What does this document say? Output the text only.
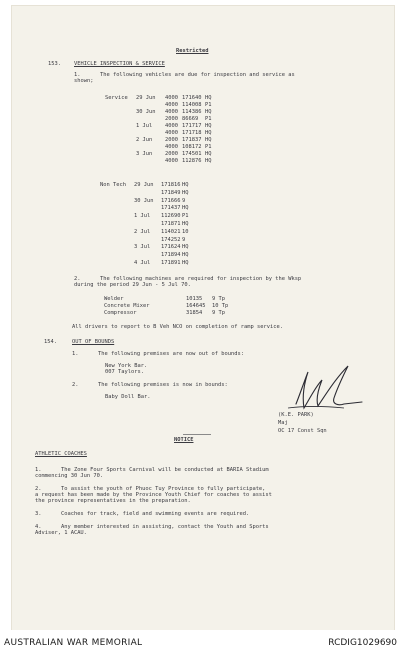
Restricted
153. VEHICLE INSPECTION & SERVICE
1.      The following vehicles are due for inspection and service as
shown;
Service 29 Jun 4000 171640 HQ
4000 114008 P1
30 Jun 4000 114386 HQ
2000 86669 P1
1 Jul 4000 171717 HQ
4000 171718 HQ
2 Jun 2000 171837 HQ
4000 108172 P1
3 Jun 2000 174501 HQ
4000 112876 HQ
Non Tech 29 Jun 171816 HQ
171849 HQ
30 Jun 171666 9
171437 HQ
1 Jul 112690 P1
171871 HQ
2 Jul 114021 10
174252 9
3 Jul 171624 HQ
171894 HQ
4 Jul 171891 HQ
2.      The following machines are required for inspection by the Wksp
during the period 29 Jun - 5 Jul 70.
Welder	10135 9 Tp
Concrete Mixer	164645 10 Tp
Compressor	31854 9 Tp
All drivers to report to B Veh NCO on completion of ramp service.
154.	OUT OF BOUNDS
1.      The following premises are now out of bounds:
New York Bar.
007 Taylors.
2.      The following premises is now in bounds:
Baby Doll Bar.
(K.E. PARK)
Maj
OC 17 Const Sqn
NOTICE
ATHLETIC COACHES
1.      The Zone Four Sports Carnival will be conducted at BARIA Stadium
commencing 30 Jun 70.
2.      To assist the youth of Phuoc Tuy Province to fully participate,
a request has been made by the Province Youth Chief for coaches to assist
the province representatives in the preparation.
3.      Coaches for track, field and swimming events are required.
4.      Any member interested in assisting, contact the Youth and Sports
Adviser, 1 ACAU.
AUSTRALIAN WAR MEMORIAL	RCDIG1029690
